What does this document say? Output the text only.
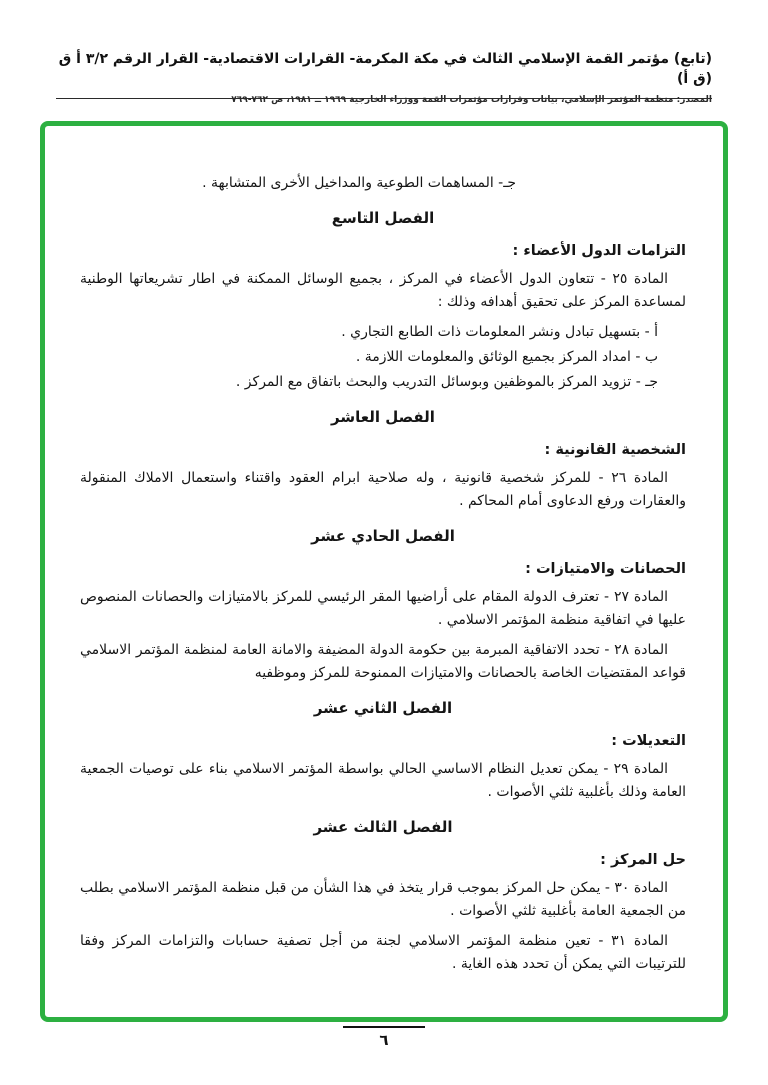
(تابع) مؤتمر القمة الإسلامي الثالث في مكة المكرمة- القرارات الاقتصادية- القرار الرقم ٣/٢ أ ق (ق أ)
المصدر: منظمة المؤتمر الإسلامي، بيانات وقرارات مؤتمرات القمة ووزراء الخارجية ١٩٦٩ ــ ١٩٨١، ص ٧٦٢-٧٦٩

جـ- المساهمات الطوعية والمداخيل الأخرى المتشابهة .

الفصل التاسع
التزامات الدول الأعضاء :

المادة ٢٥ - تتعاون الدول الأعضاء في المركز ، بجميع الوسائل الممكنة في اطار تشريعاتها الوطنية لمساعدة المركز على تحقيق أهدافه وذلك :

أ - بتسهيل تبادل ونشر المعلومات ذات الطابع التجاري .

ب - امداد المركز بجميع الوثائق والمعلومات اللازمة .

جـ - تزويد المركز بالموظفين وبوسائل التدريب والبحث باتفاق مع المركز .

الفصل العاشر
الشخصية القانونية :

المادة ٢٦ - للمركز شخصية قانونية ، وله صلاحية ابرام العقود واقتناء واستعمال الاملاك المنقولة والعقارات ورفع الدعاوى أمام المحاكم .

الفصل الحادي عشر
الحصانات والامتيازات :

المادة ٢٧ - تعترف الدولة المقام على أراضيها المقر الرئيسي للمركز بالامتيازات والحصانات المنصوص عليها في اتفاقية منظمة المؤتمر الاسلامي .

المادة ٢٨ - تحدد الاتفاقية المبرمة بين حكومة الدولة المضيفة والامانة العامة لمنظمة المؤتمر الاسلامي قواعد المقتضيات الخاصة بالحصانات والامتيازات الممنوحة للمركز وموظفيه

الفصل الثاني عشر
التعديلات :

المادة ٢٩ - يمكن تعديل النظام الاساسي الحالي بواسطة المؤتمر الاسلامي بناء على توصيات الجمعية العامة وذلك بأغلبية ثلثي الأصوات .

الفصل الثالث عشر
حل المركز :

المادة ٣٠ - يمكن حل المركز بموجب قرار يتخذ في هذا الشأن من قبل منظمة المؤتمر الاسلامي بطلب من الجمعية العامة بأغلبية ثلثي الأصوات .

المادة ٣١ - تعين منظمة المؤتمر الاسلامي لجنة من أجل تصفية حسابات والتزامات المركز وفقا للترتيبات التي يمكن أن تحدد هذه الغاية .

٦
